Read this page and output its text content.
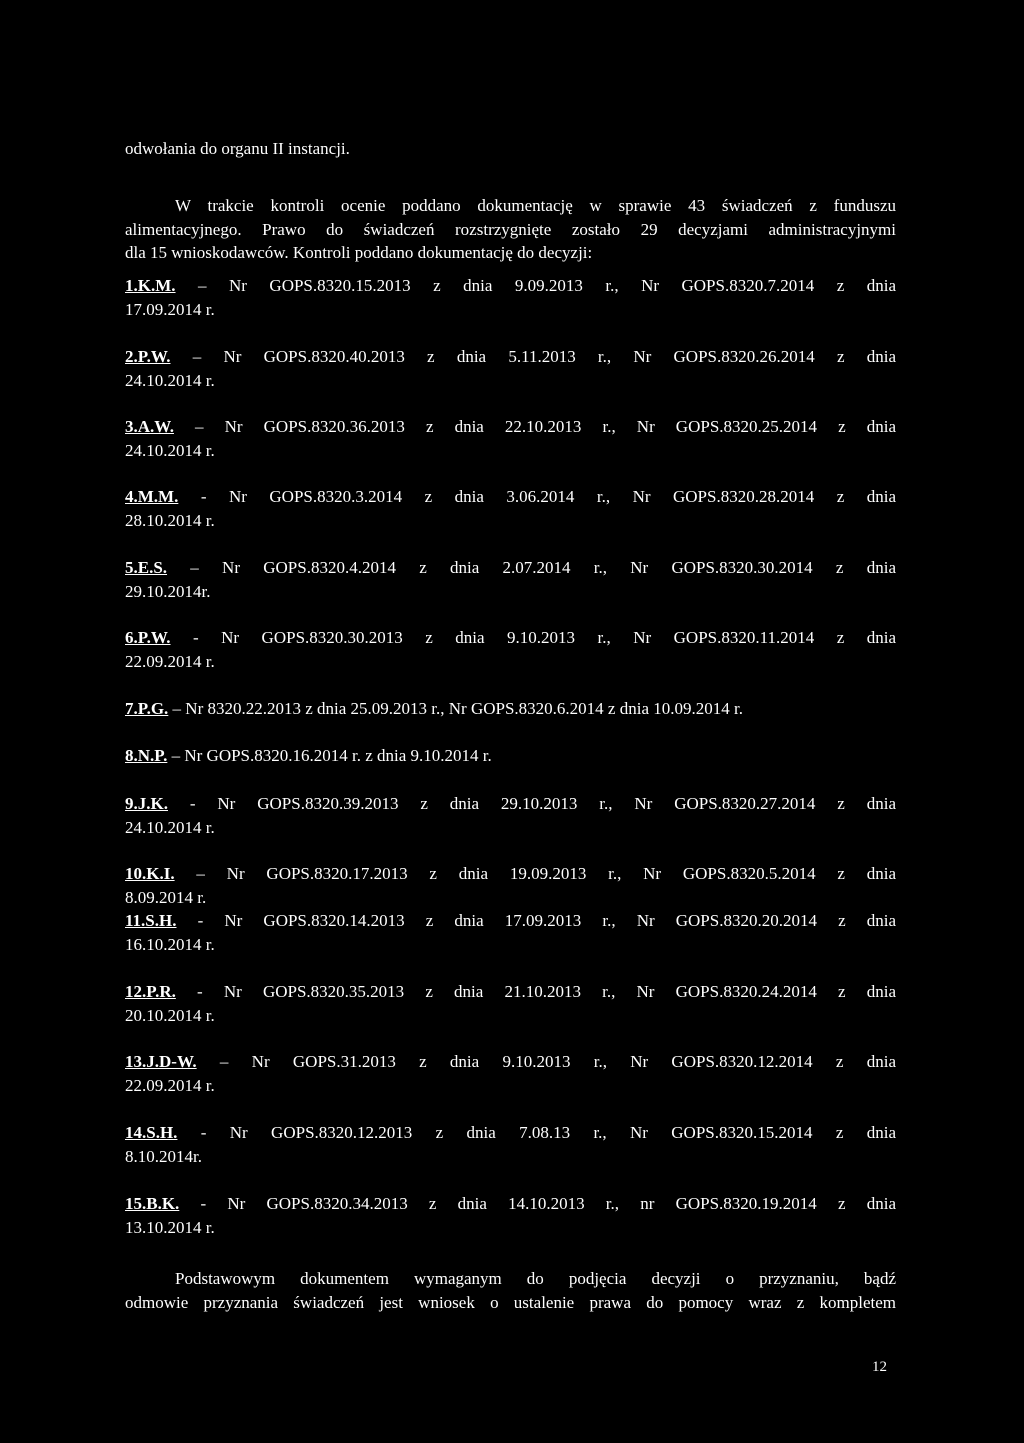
odwołania do organu II instancji.
W trakcie kontroli ocenie poddano dokumentację w sprawie 43 świadczeń z funduszu
alimentacyjnego. Prawo do świadczeń rozstrzygnięte zostało 29 decyzjami administracyjnymi
dla 15 wnioskodawców. Kontroli poddano dokumentację do decyzji:
1.K.M. – Nr GOPS.8320.15.2013 z dnia 9.09.2013 r., Nr GOPS.8320.7.2014 z dnia
17.09.2014 r.
2.P.W. – Nr GOPS.8320.40.2013 z dnia 5.11.2013 r., Nr GOPS.8320.26.2014 z dnia
24.10.2014 r.
3.A.W. – Nr GOPS.8320.36.2013 z dnia 22.10.2013 r., Nr GOPS.8320.25.2014 z dnia
24.10.2014 r.
4.M.M. - Nr GOPS.8320.3.2014 z dnia 3.06.2014 r., Nr GOPS.8320.28.2014 z dnia
28.10.2014 r.
5.E.S. – Nr GOPS.8320.4.2014 z dnia 2.07.2014 r., Nr GOPS.8320.30.2014 z dnia
29.10.2014r.
6.P.W. - Nr GOPS.8320.30.2013 z dnia 9.10.2013 r., Nr GOPS.8320.11.2014 z dnia
22.09.2014 r.
7.P.G. – Nr 8320.22.2013 z dnia 25.09.2013 r., Nr GOPS.8320.6.2014 z dnia 10.09.2014 r.
8.N.P. – Nr GOPS.8320.16.2014 r. z dnia 9.10.2014 r.
9.J.K. - Nr GOPS.8320.39.2013 z dnia 29.10.2013 r., Nr GOPS.8320.27.2014 z dnia
24.10.2014 r.
10.K.I. – Nr GOPS.8320.17.2013 z dnia 19.09.2013 r., Nr GOPS.8320.5.2014 z dnia
8.09.2014 r.
11.S.H. - Nr GOPS.8320.14.2013 z dnia 17.09.2013 r., Nr GOPS.8320.20.2014 z dnia
16.10.2014 r.
12.P.R. - Nr GOPS.8320.35.2013 z dnia 21.10.2013 r., Nr GOPS.8320.24.2014 z dnia
20.10.2014 r.
13.J.D-W. – Nr GOPS.31.2013 z dnia 9.10.2013 r., Nr GOPS.8320.12.2014 z dnia
22.09.2014 r.
14.S.H. - Nr GOPS.8320.12.2013 z dnia 7.08.13 r., Nr GOPS.8320.15.2014 z dnia
8.10.2014r.
15.B.K. - Nr GOPS.8320.34.2013 z dnia 14.10.2013 r., nr GOPS.8320.19.2014 z dnia
13.10.2014 r.
Podstawowym dokumentem wymaganym do podjęcia decyzji o przyznaniu, bądź
odmowie przyznania świadczeń jest wniosek o ustalenie prawa do pomocy wraz z kompletem
12
